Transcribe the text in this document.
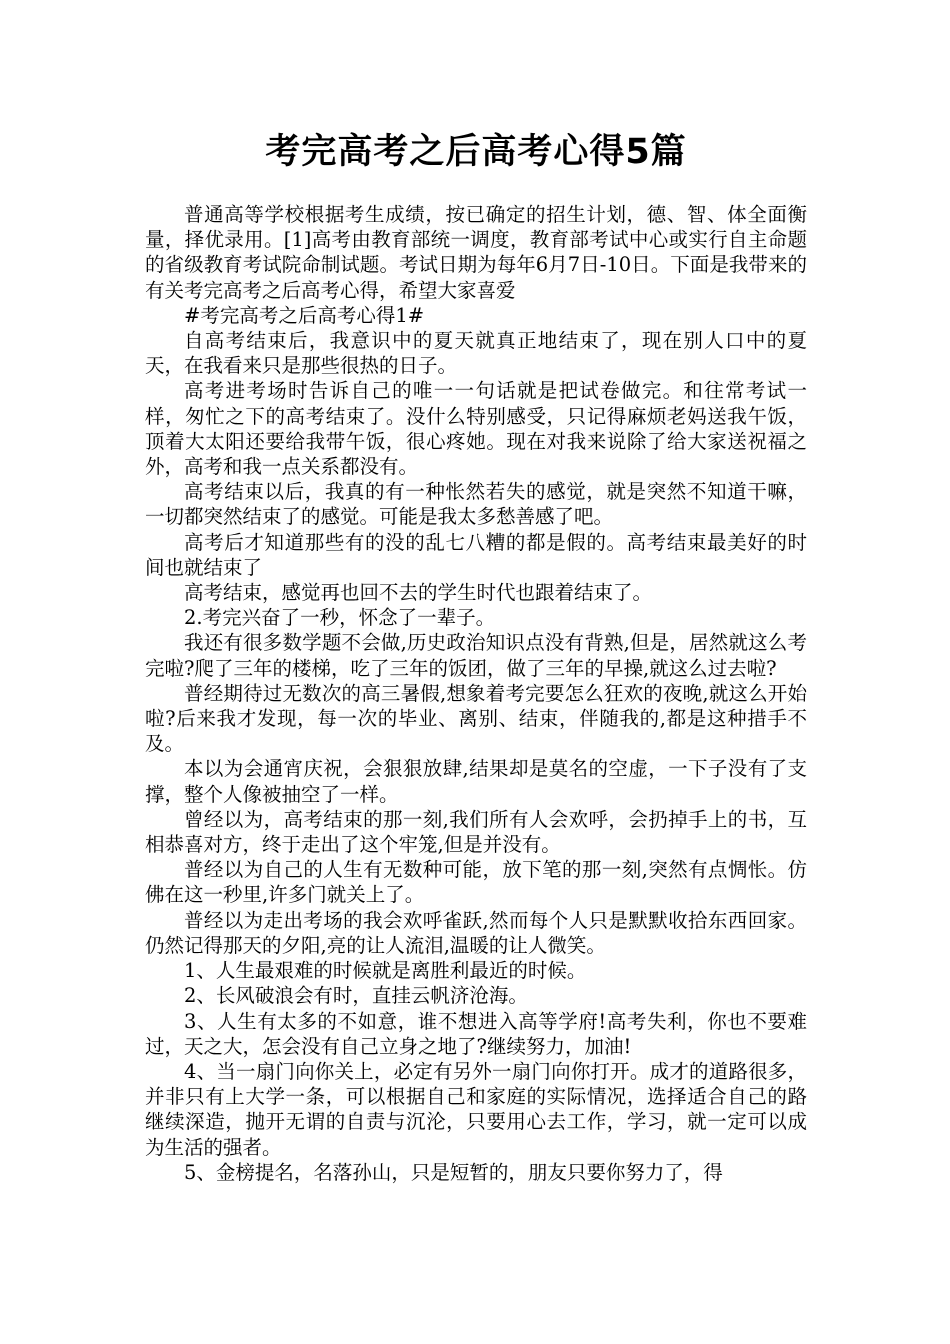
考完高考之后高考心得5篇

普通高等学校根据考生成绩，按已确定的招生计划，德、智、体全面衡量，择优录用。[1]高考由教育部统一调度，教育部考试中心或实行自主命题的省级教育考试院命制试题。考试日期为每年6月7日-10日。下面是我带来的有关考完高考之后高考心得，希望大家喜爱

#考完高考之后高考心得1#

自高考结束后，我意识中的夏天就真正地结束了，现在别人口中的夏天，在我看来只是那些很热的日子。

高考进考场时告诉自己的唯一一句话就是把试卷做完。和往常考试一样，匆忙之下的高考结束了。没什么特别感受，只记得麻烦老妈送我午饭，顶着大太阳还要给我带午饭，很心疼她。现在对我来说除了给大家送祝福之外，高考和我一点关系都没有。

高考结束以后，我真的有一种怅然若失的感觉，就是突然不知道干嘛，一切都突然结束了的感觉。可能是我太多愁善感了吧。

高考后才知道那些有的没的乱七八糟的都是假的。高考结束最美好的时间也就结束了

高考结束，感觉再也回不去的学生时代也跟着结束了。

2.考完兴奋了一秒，怀念了一辈子。

我还有很多数学题不会做,历史政治知识点没有背熟,但是，居然就这么考完啦?爬了三年的楼梯，吃了三年的饭团，做了三年的早操,就这么过去啦?

普经期待过无数次的高三暑假,想象着考完要怎么狂欢的夜晚,就这么开始啦?后来我才发现，每一次的毕业、离别、结束，伴随我的,都是这种措手不及。

本以为会通宵庆祝，会狠狠放肆,结果却是莫名的空虚，一下子没有了支撑，整个人像被抽空了一样。

曾经以为，高考结束的那一刻,我们所有人会欢呼，会扔掉手上的书，互相恭喜对方，终于走出了这个牢笼,但是并没有。

普经以为自己的人生有无数种可能，放下笔的那一刻,突然有点惆怅。仿佛在这一秒里,许多门就关上了。

普经以为走出考场的我会欢呼雀跃,然而每个人只是默默收拾东西回家。仍然记得那天的夕阳,亮的让人流泪,温暖的让人微笑。

1、人生最艰难的时候就是离胜利最近的时候。

2、长风破浪会有时，直挂云帆济沧海。

3、人生有太多的不如意，谁不想进入高等学府!高考失利，你也不要难过，天之大，怎会没有自己立身之地了?继续努力，加油!

4、当一扇门向你关上，必定有另外一扇门向你打开。成才的道路很多，并非只有上大学一条，可以根据自己和家庭的实际情况，选择适合自己的路继续深造，抛开无谓的自责与沉沦，只要用心去工作，学习，就一定可以成为生活的强者。

5、金榜提名，名落孙山，只是短暂的，朋友只要你努力了，得
